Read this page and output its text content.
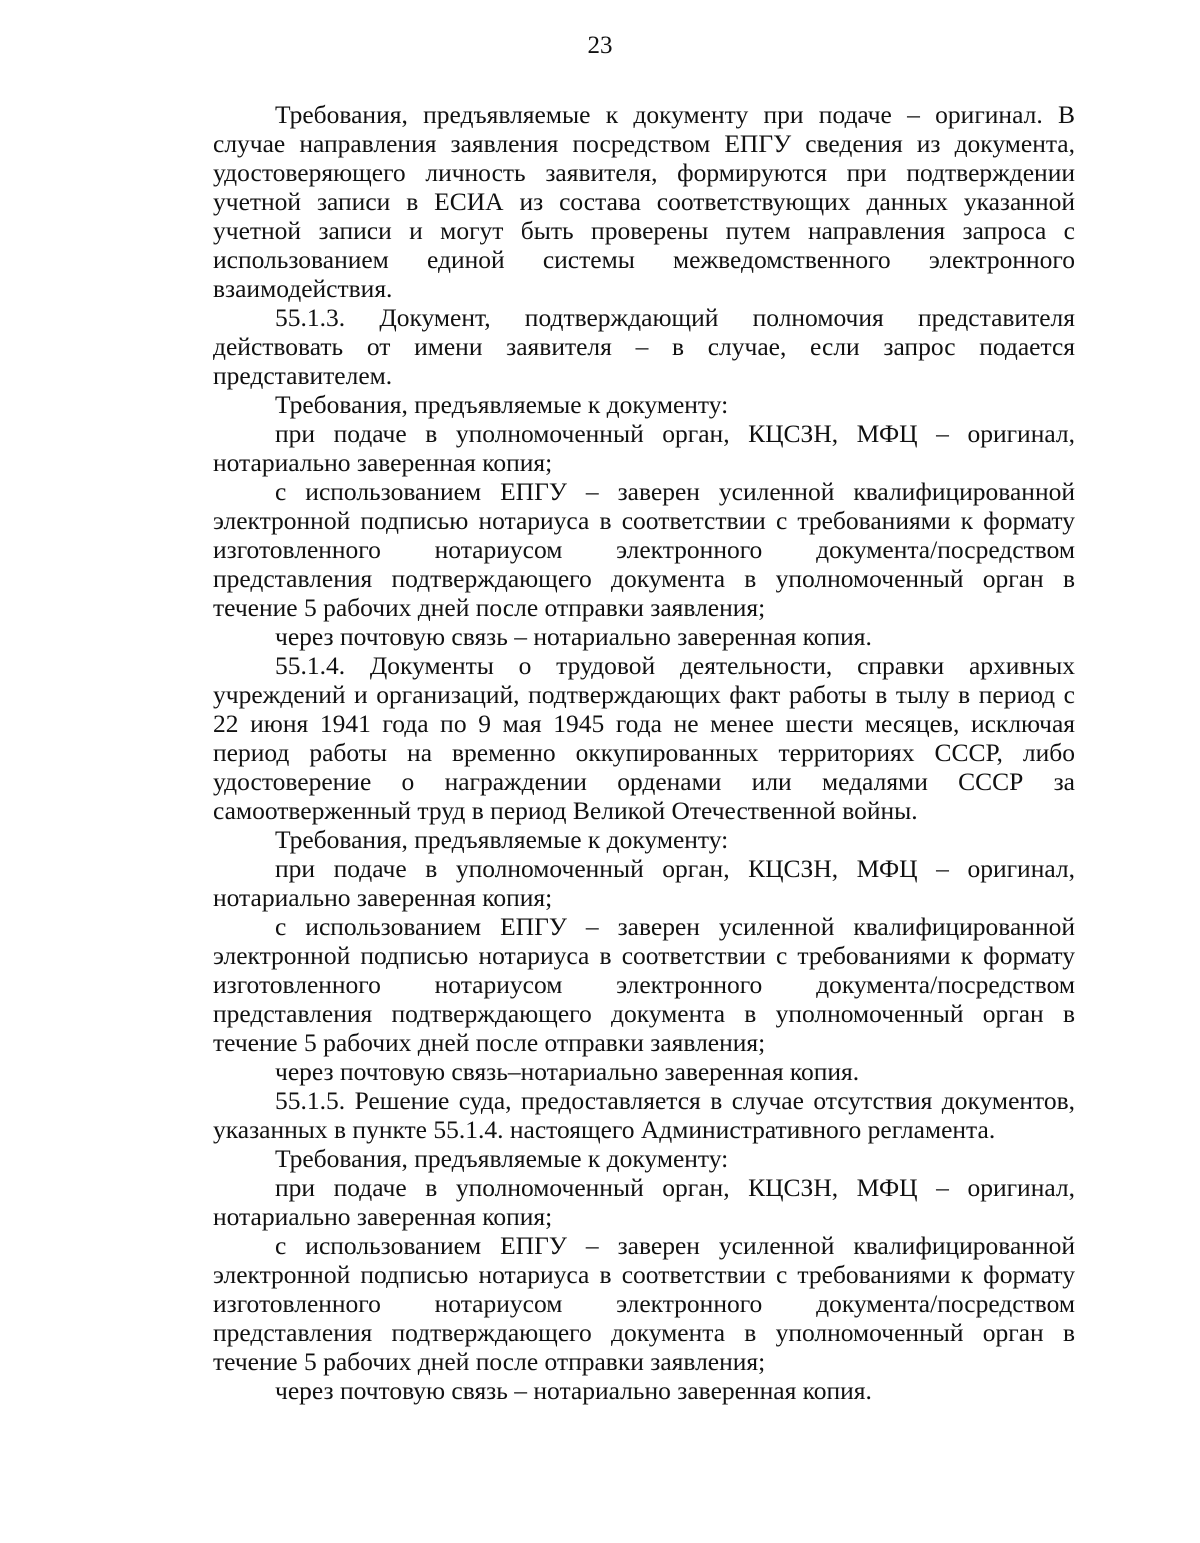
23

Требования, предъявляемые к документу при подаче – оригинал. В случае направления заявления посредством ЕПГУ сведения из документа, удостоверяющего личность заявителя, формируются при подтверждении учетной записи в ЕСИА из состава соответствующих данных указанной учетной записи и могут быть проверены путем направления запроса с использованием единой системы межведомственного электронного взаимодействия.

55.1.3. Документ, подтверждающий полномочия представителя действовать от имени заявителя – в случае, если запрос подается представителем.

Требования, предъявляемые к документу:

при подаче в уполномоченный орган, КЦСЗН, МФЦ – оригинал, нотариально заверенная копия;

с использованием ЕПГУ – заверен усиленной квалифицированной электронной подписью нотариуса в соответствии с требованиями к формату изготовленного нотариусом электронного документа/посредством представления подтверждающего документа в уполномоченный орган в течение 5 рабочих дней после отправки заявления;

через почтовую связь – нотариально заверенная копия.

55.1.4. Документы о трудовой деятельности, справки архивных учреждений и организаций, подтверждающих факт работы в тылу в период с 22 июня 1941 года по 9 мая 1945 года не менее шести месяцев, исключая период работы на временно оккупированных территориях СССР, либо удостоверение о награждении орденами или медалями СССР за самоотверженный труд в период Великой Отечественной войны.

Требования, предъявляемые к документу:

при подаче в уполномоченный орган, КЦСЗН, МФЦ – оригинал, нотариально заверенная копия;

с использованием ЕПГУ – заверен усиленной квалифицированной электронной подписью нотариуса в соответствии с требованиями к формату изготовленного нотариусом электронного документа/посредством представления подтверждающего документа в уполномоченный орган в течение 5 рабочих дней после отправки заявления;

через почтовую связь–нотариально заверенная копия.

55.1.5. Решение суда, предоставляется в случае отсутствия документов, указанных в пункте 55.1.4. настоящего Административного регламента.

Требования, предъявляемые к документу:

при подаче в уполномоченный орган, КЦСЗН, МФЦ – оригинал, нотариально заверенная копия;

с использованием ЕПГУ – заверен усиленной квалифицированной электронной подписью нотариуса в соответствии с требованиями к формату изготовленного нотариусом электронного документа/посредством представления подтверждающего документа в уполномоченный орган в течение 5 рабочих дней после отправки заявления;

через почтовую связь – нотариально заверенная копия.
